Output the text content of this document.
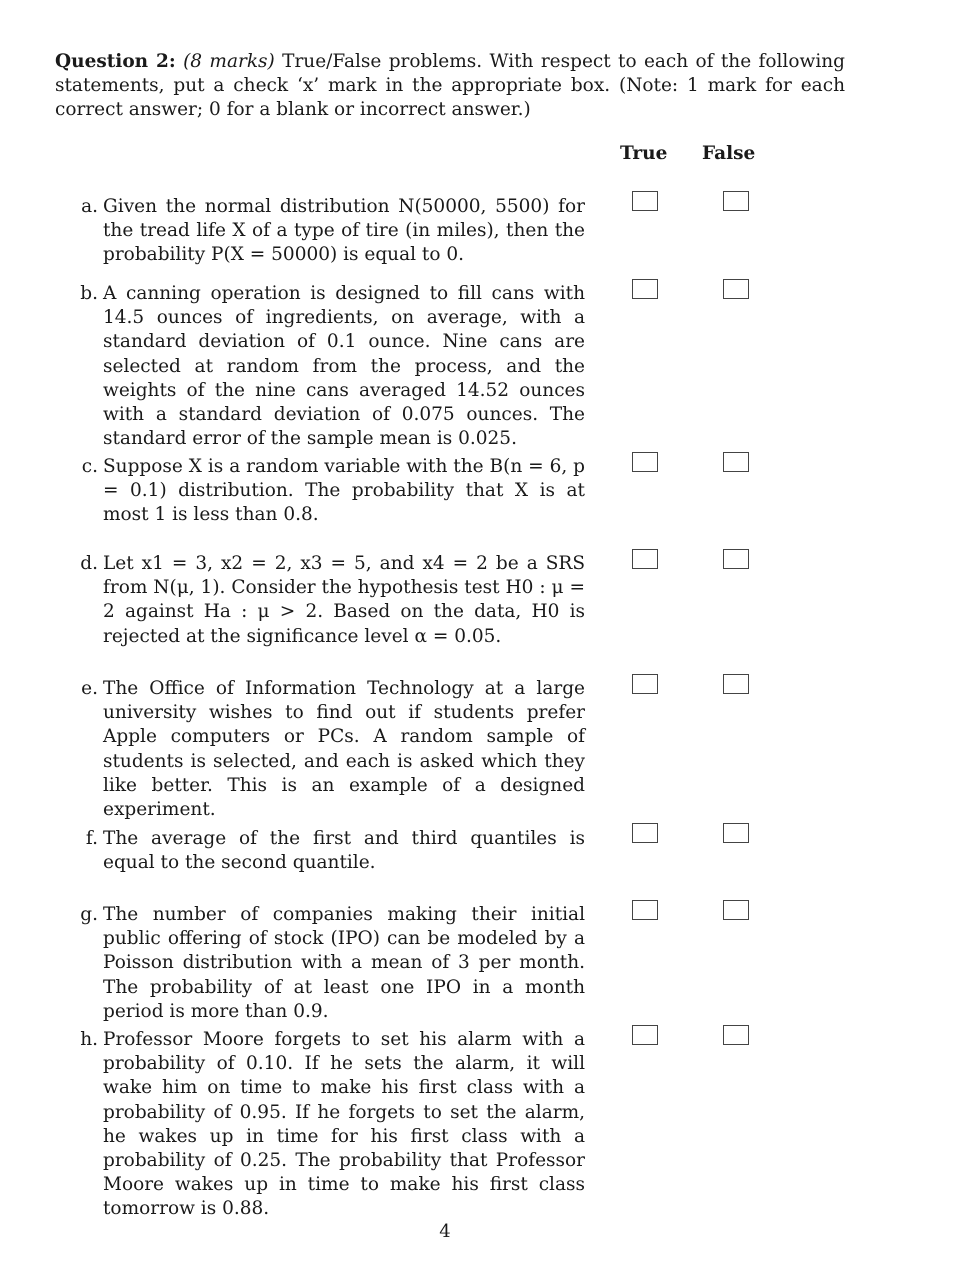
Question 2: (8 marks) True/False problems. With respect to each of the following statements, put a check ‘x’ mark in the appropriate box. (Note: 1 mark for each correct answer; 0 for a blank or incorrect answer.)
True False
a. Given the normal distribution N(50000, 5500) for the tread life X of a type of tire (in miles), then the probability P(X = 50000) is equal to 0.
b. A canning operation is designed to fill cans with 14.5 ounces of ingredients, on average, with a standard deviation of 0.1 ounce. Nine cans are selected at random from the process, and the weights of the nine cans averaged 14.52 ounces with a standard deviation of 0.075 ounces. The standard error of the sample mean is 0.025.
c. Suppose X is a random variable with the B(n = 6, p = 0.1) distribution. The probability that X is at most 1 is less than 0.8.
d. Let x1 = 3, x2 = 2, x3 = 5, and x4 = 2 be a SRS from N(μ, 1). Consider the hypothesis test H0 : μ = 2 against Ha : μ > 2. Based on the data, H0 is rejected at the significance level α = 0.05.
e. The Office of Information Technology at a large university wishes to find out if students prefer Apple computers or PCs. A random sample of students is selected, and each is asked which they like better. This is an example of a designed experiment.
f. The average of the first and third quantiles is equal to the second quantile.
g. The number of companies making their initial public offering of stock (IPO) can be modeled by a Poisson distribution with a mean of 3 per month. The probability of at least one IPO in a month period is more than 0.9.
h. Professor Moore forgets to set his alarm with a probability of 0.10. If he sets the alarm, it will wake him on time to make his first class with a probability of 0.95. If he forgets to set the alarm, he wakes up in time for his first class with a probability of 0.25. The probability that Professor Moore wakes up in time to make his first class tomorrow is 0.88.
4
